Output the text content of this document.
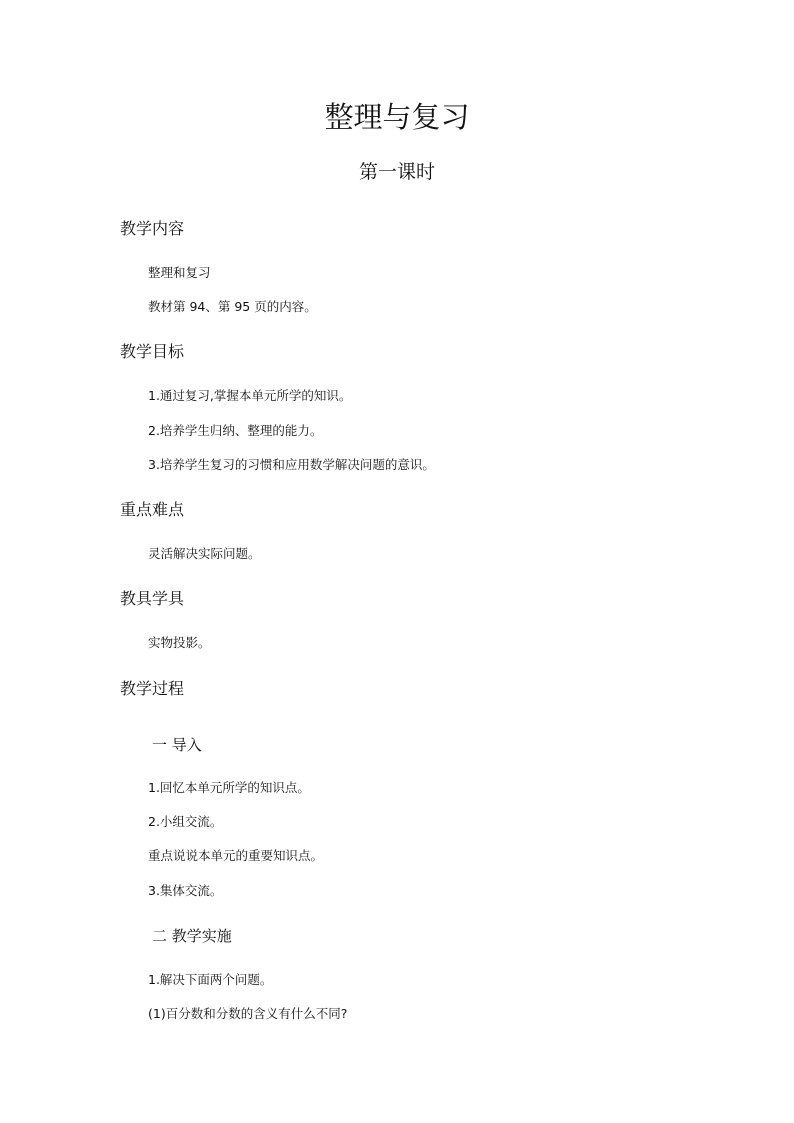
整理与复习
第一课时
教学内容

整理和复习

教材第 94、第 95 页的内容。

教学目标

1.通过复习,掌握本单元所学的知识。

2.培养学生归纳、整理的能力。

3.培养学生复习的习惯和应用数学解决问题的意识。

重点难点

灵活解决实际问题。

教具学具

实物投影。

教学过程
一 导入

1.回忆本单元所学的知识点。

2.小组交流。

重点说说本单元的重要知识点。

3.集体交流。

二 教学实施

1.解决下面两个问题。

(1)百分数和分数的含义有什么不同?
